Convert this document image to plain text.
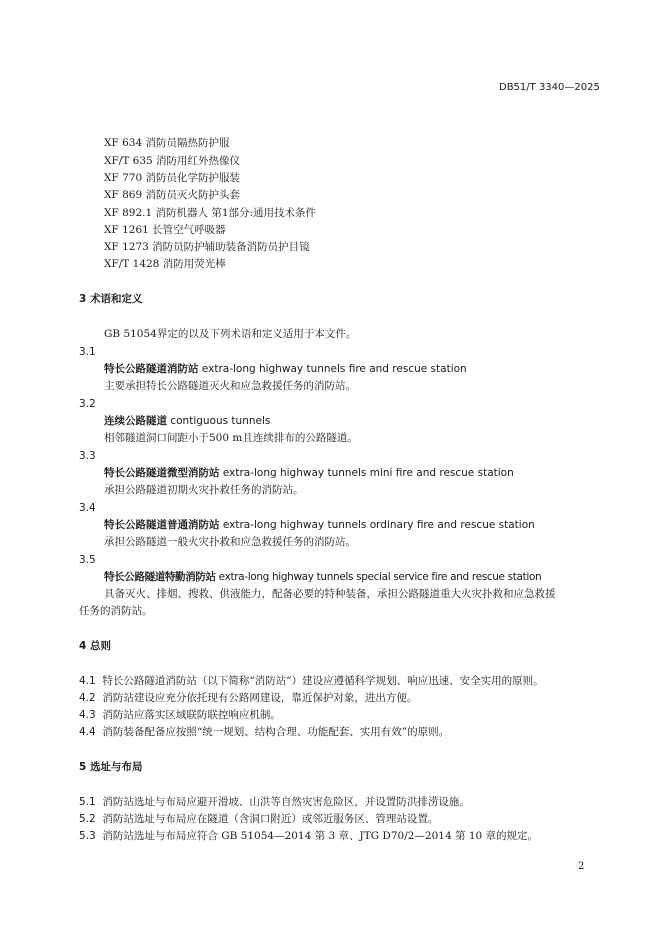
DB51/T 3340—2025
XF 634 消防员隔热防护服
XF/T 635 消防用红外热像仪
XF 770 消防员化学防护服装
XF 869 消防员灭火防护头套
XF 892.1 消防机器人 第1部分:通用技术条件
XF 1261 长管空气呼吸器
XF 1273 消防员防护辅助装备消防员护目镜
XF/T 1428 消防用荧光棒
3 术语和定义
GB 51054界定的以及下列术语和定义适用于本文件。
3.1
特长公路隧道消防站 extra-long highway tunnels fire and rescue station
主要承担特长公路隧道灭火和应急救援任务的消防站。
3.2
连续公路隧道 contiguous tunnels
相邻隧道洞口间距小于500 m且连续排布的公路隧道。
3.3
特长公路隧道微型消防站 extra-long highway tunnels mini fire and rescue station
承担公路隧道初期火灾扑救任务的消防站。
3.4
特长公路隧道普通消防站 extra-long highway tunnels ordinary fire and rescue station
承担公路隧道一般火灾扑救和应急救援任务的消防站。
3.5
特长公路隧道特勤消防站 extra-long highway tunnels special service fire and rescue station
具备灭火、排烟、搜救、供液能力，配备必要的特种装备，承担公路隧道重大火灾扑救和应急救援
任务的消防站。
4 总则
4.1 特长公路隧道消防站（以下简称“消防站”）建设应遵循科学规划、响应迅速、安全实用的原则。
4.2 消防站建设应充分依托现有公路网建设，靠近保护对象，进出方便。
4.3 消防站应落实区域联防联控响应机制。
4.4 消防装备配备应按照“统一规划、结构合理、功能配套、实用有效”的原则。
5 选址与布局
5.1 消防站选址与布局应避开滑坡、山洪等自然灾害危险区，并设置防洪排涝设施。
5.2 消防站选址与布局应在隧道（含洞口附近）或邻近服务区、管理站设置。
5.3 消防站选址与布局应符合 GB 51054—2014 第 3 章、JTG D70/2—2014 第 10 章的规定。
2
